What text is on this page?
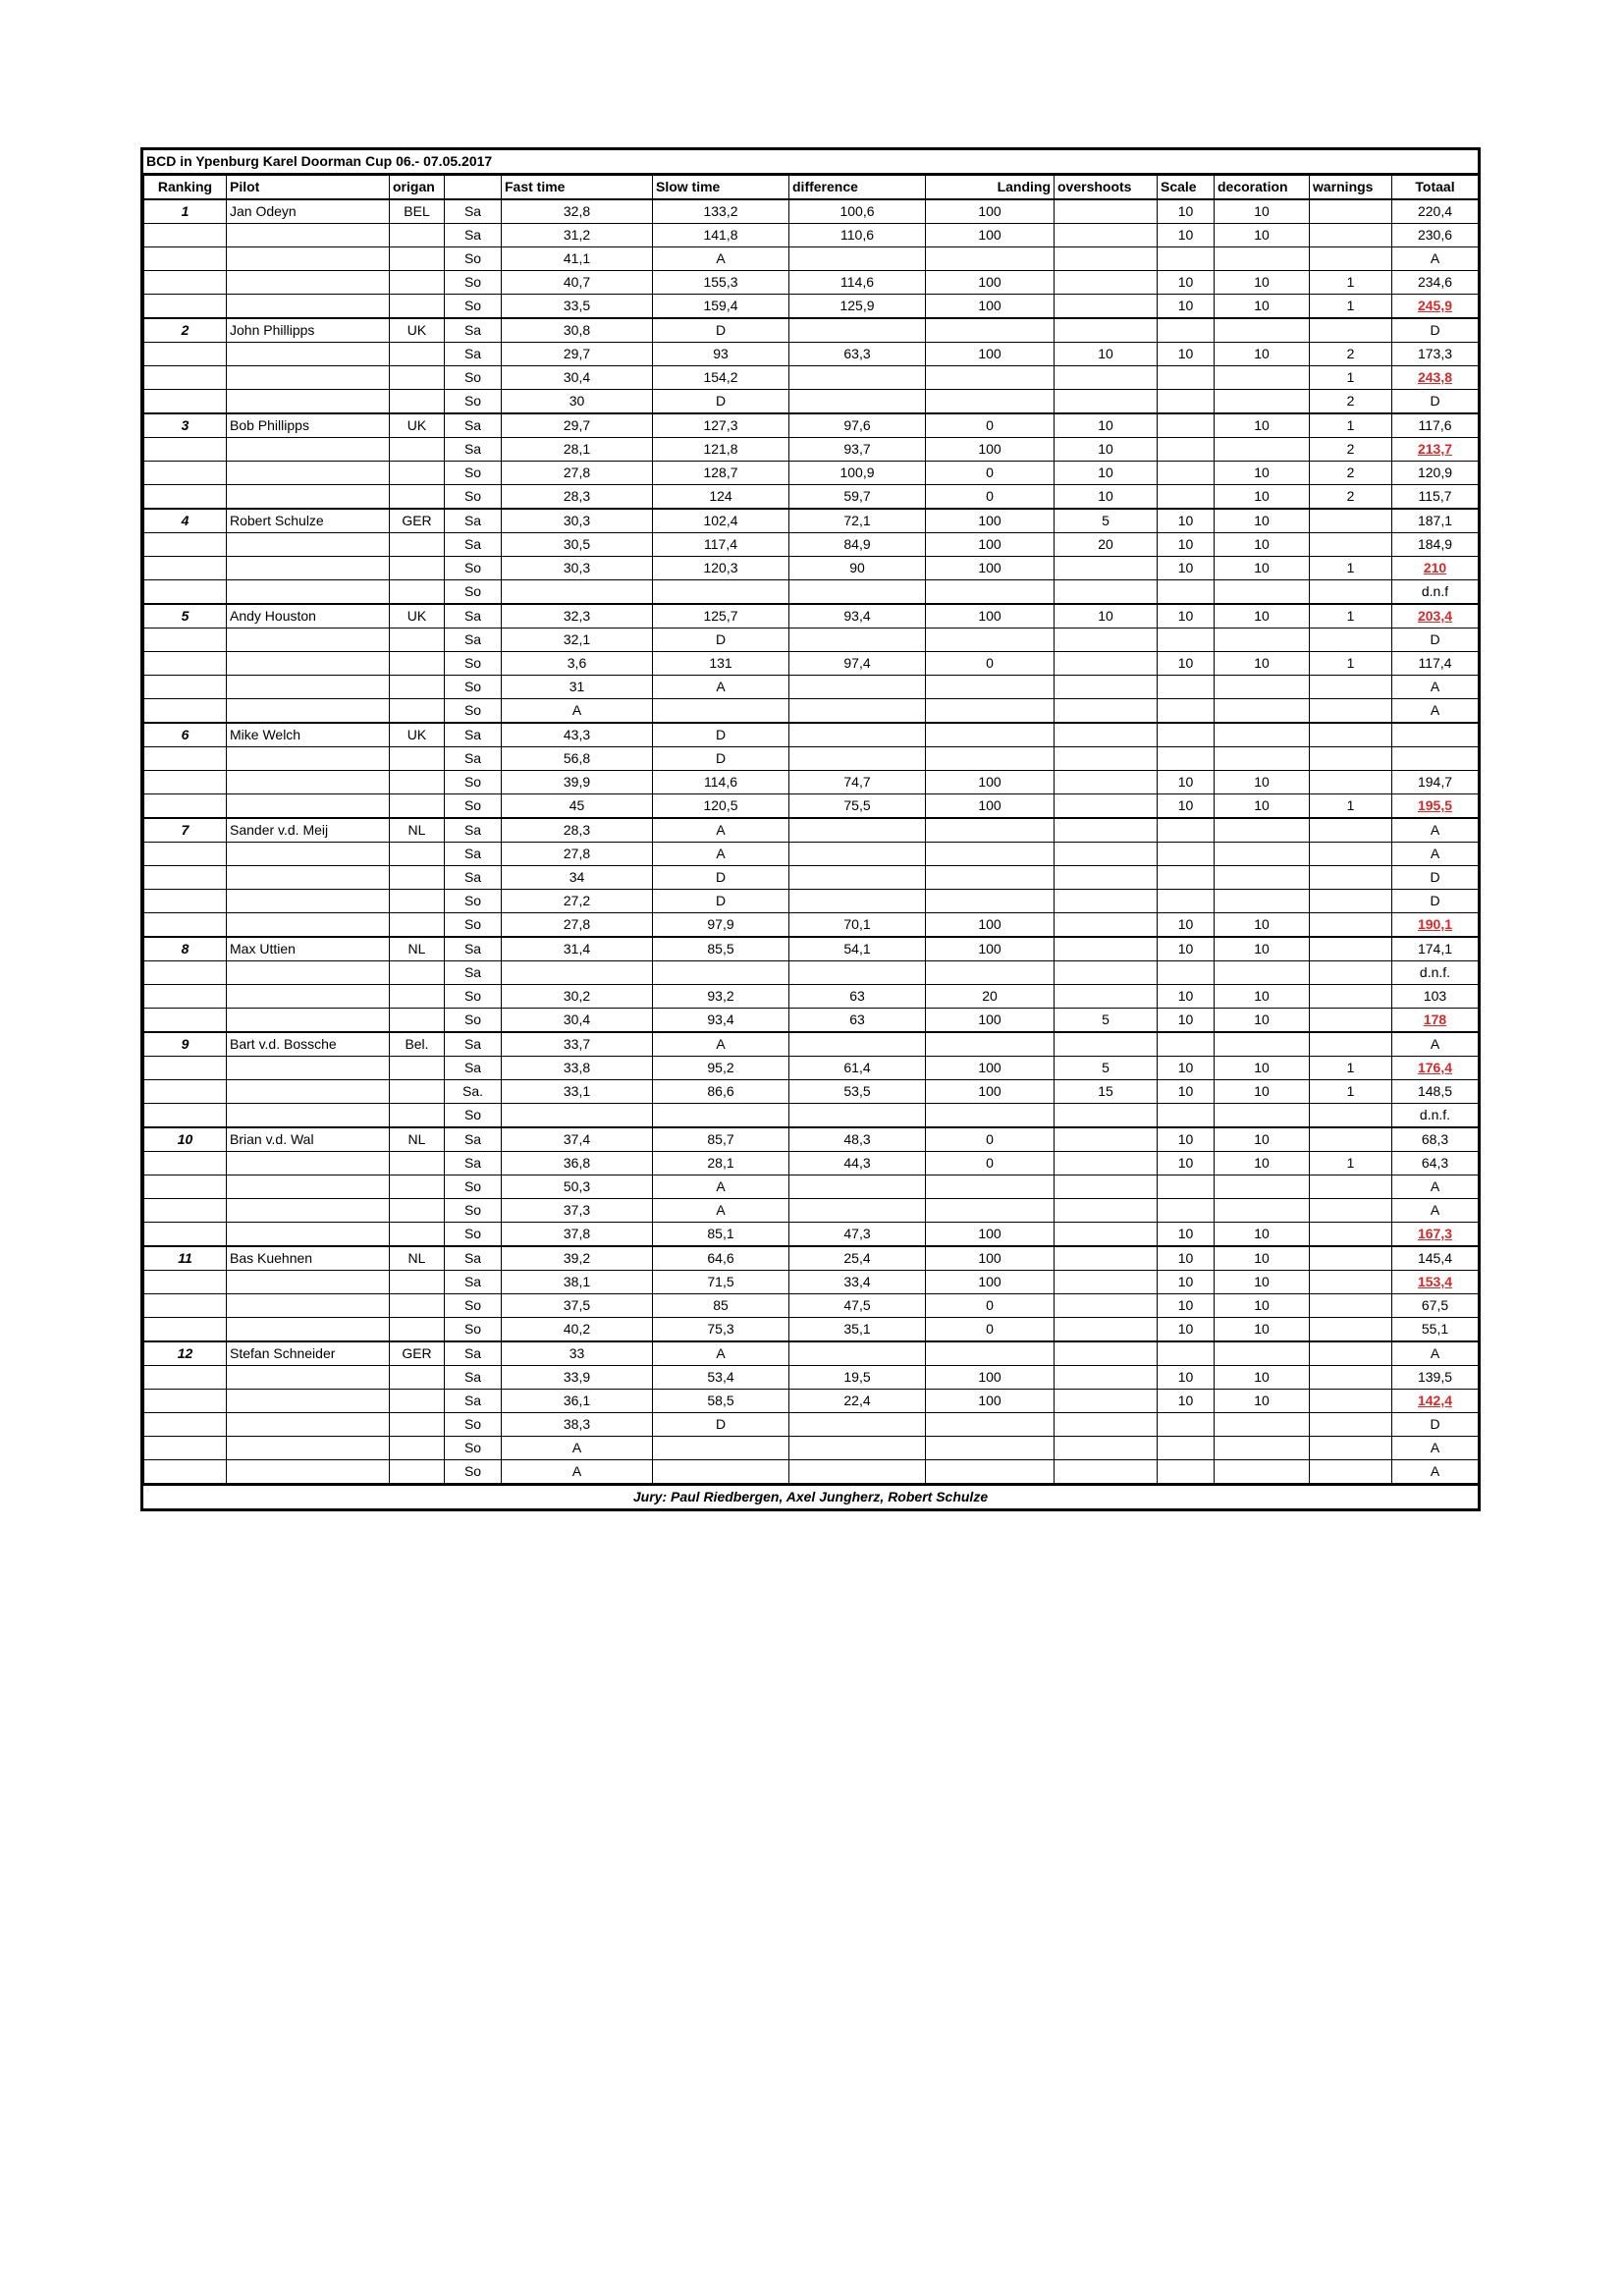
BCD in Ypenburg Karel Doorman Cup 06.- 07.05.2017
Ranking	Pilot	origan		Fast time	Slow time	difference	Landing	overshoots	Scale	decoration	warnings	Totaal
1	Jan Odeyn	BEL	Sa	32,8	133,2	100,6	100		10	10		220,4
			Sa	31,2	141,8	110,6	100		10	10		230,6
			So	41,1	A							A
			So	40,7	155,3	114,6	100		10	10	1	234,6
			So	33,5	159,4	125,9	100		10	10	1	245,9
2	John Phillipps	UK	Sa	30,8	D							D
			Sa	29,7	93	63,3	100	10	10	10	2	173,3
			So	30,4	154,2						1	243,8
			So	30	D						2	D
3	Bob Phillipps	UK	Sa	29,7	127,3	97,6	0	10		10	1	117,6
			Sa	28,1	121,8	93,7	100	10			2	213,7
			So	27,8	128,7	100,9	0	10		10	2	120,9
			So	28,3	124	59,7	0	10		10	2	115,7
4	Robert Schulze	GER	Sa	30,3	102,4	72,1	100	5	10	10		187,1
			Sa	30,5	117,4	84,9	100	20	10	10		184,9
			So	30,3	120,3	90	100		10	10	1	210
			So									d.n.f
5	Andy Houston	UK	Sa	32,3	125,7	93,4	100	10	10	10	1	203,4
			Sa	32,1	D							D
			So	3,6	131	97,4	0		10	10	1	117,4
			So	31	A							A
			So	A								A
6	Mike Welch	UK	Sa	43,3	D							
			Sa	56,8	D							
			So	39,9	114,6	74,7	100		10	10		194,7
			So	45	120,5	75,5	100		10	10	1	195,5
7	Sander v.d. Meij	NL	Sa	28,3	A							A
			Sa	27,8	A							A
			Sa	34	D							D
			So	27,2	D							D
			So	27,8	97,9	70,1	100		10	10		190,1
8	Max Uttien	NL	Sa	31,4	85,5	54,1	100		10	10		174,1
			Sa									d.n.f.
			So	30,2	93,2	63	20		10	10		103
			So	30,4	93,4	63	100	5	10	10		178
9	Bart v.d. Bossche	Bel.	Sa	33,7	A							A
			Sa	33,8	95,2	61,4	100	5	10	10	1	176,4
			Sa.	33,1	86,6	53,5	100	15	10	10	1	148,5
			So									d.n.f.
10	Brian v.d. Wal	NL	Sa	37,4	85,7	48,3	0		10	10		68,3
			Sa	36,8	28,1	44,3	0		10	10	1	64,3
			So	50,3	A							A
			So	37,3	A							A
			So	37,8	85,1	47,3	100		10	10		167,3
11	Bas Kuehnen	NL	Sa	39,2	64,6	25,4	100		10	10		145,4
			Sa	38,1	71,5	33,4	100		10	10		153,4
			So	37,5	85	47,5	0		10	10		67,5
			So	40,2	75,3	35,1	0		10	10		55,1
12	Stefan Schneider	GER	Sa	33	A							A
			Sa	33,9	53,4	19,5	100		10	10		139,5
			Sa	36,1	58,5	22,4	100		10	10		142,4
			So	38,3	D							D
			So	A								A
			So	A								A
Jury: Paul Riedbergen, Axel Jungherz, Robert Schulze
